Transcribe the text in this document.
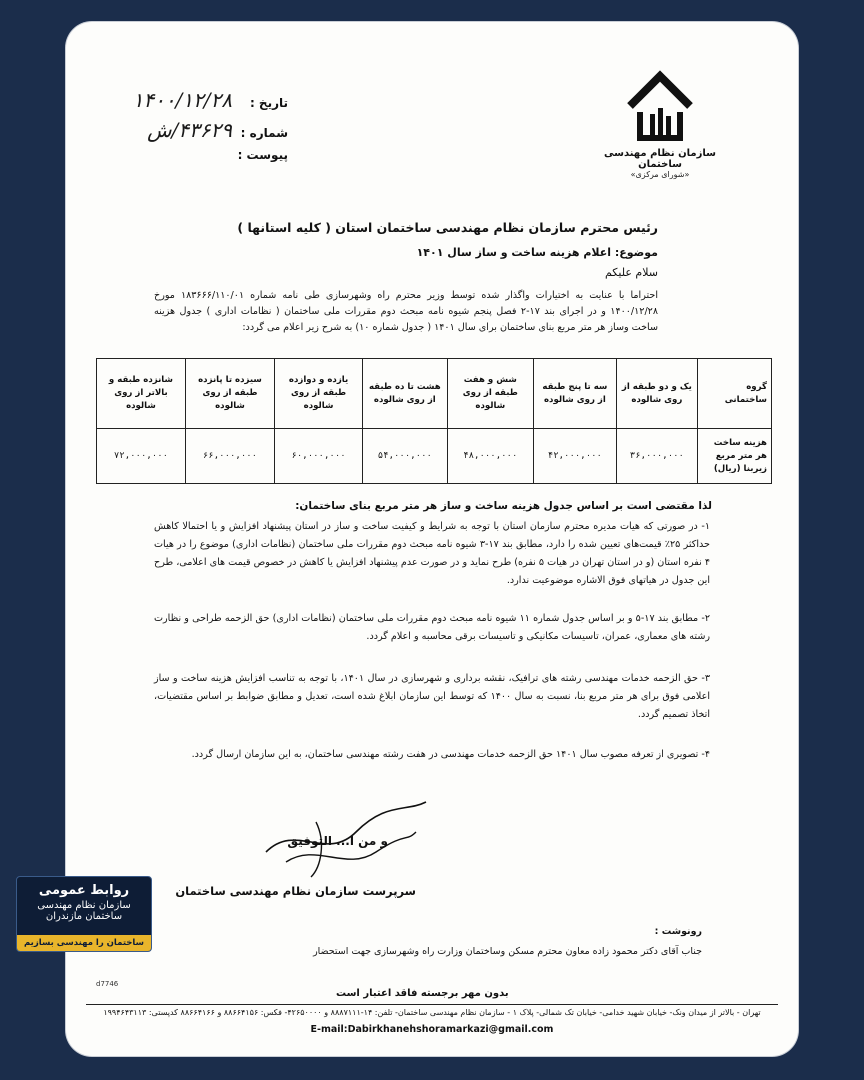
سازمان نظام مهندسی ساختمان
«شورای مرکزی»
تاریخ :
۱۴۰۰/۱۲/۲۸
شماره :
۴۳۶۲۹/ش
پیوست :
رئیس محترم سازمان نظام مهندسی ساختمان استان ( کلیه استانها )
موضوع: اعلام هزینه ساخت و ساز سال ۱۴۰۱
سلام علیکم
احتراما با عنایت به اختیارات واگذار شده توسط وزیر محترم راه وشهرسازی طی نامه شماره ۱۸۳۶۶۶/۱۱۰/۰۱ مورخ ۱۴۰۰/۱۲/۲۸ و در اجرای بند ۱۷-۲ فصل پنجم شیوه نامه مبحث دوم مقررات ملی ساختمان ( نظامات اداری ) جدول هزینه ساخت وساز هر متر مربع بنای ساختمان برای سال ۱۴۰۱ ( جدول شماره ۱۰) به شرح زیر اعلام می گردد:
گروه ساختمانی	یک و دو طبقه از روی شالوده	سه تا پنج طبقه از روی شالوده	شش و هفت طبقه از روی شالوده	هشت تا ده طبقه از روی شالوده	یازده و دوازده طبقه از روی شالوده	سیزده تا پانزده طبقه از روی شالوده	شانزده طبقه و بالاتر از روی شالوده
هزینه ساخت هر متر مربع زیربنا (ریال)	۳۶,۰۰۰,۰۰۰	۴۲,۰۰۰,۰۰۰	۴۸,۰۰۰,۰۰۰	۵۴,۰۰۰,۰۰۰	۶۰,۰۰۰,۰۰۰	۶۶,۰۰۰,۰۰۰	۷۲,۰۰۰,۰۰۰
لذا مقتضی است بر اساس جدول هزینه ساخت و ساز هر متر مربع بنای ساختمان:
۱- در صورتی که هیات مدیره محترم سازمان استان با توجه به شرایط و کیفیت ساخت و ساز در استان پیشنهاد افزایش و یا احتمالا کاهش حداکثر ۲۵٪ قیمت‌های تعیین شده را دارد، مطابق بند ۱۷-۳ شیوه نامه مبحث دوم مقررات ملی ساختمان (نظامات اداری) موضوع را در هیات ۴ نفره استان (و در استان تهران در هیات ۵ نفره) طرح نماید و در صورت عدم پیشنهاد افزایش یا کاهش در خصوص قیمت های اعلامی، طرح این جدول در هیاتهای فوق الاشاره موضوعیت ندارد.
۲- مطابق بند ۱۷-۵ و بر اساس جدول شماره ۱۱ شیوه نامه مبحث دوم مقررات ملی ساختمان (نظامات اداری) حق الزحمه طراحی و نظارت رشته های معماری، عمران، تاسیسات مکانیکی و تاسیسات برقی محاسبه و اعلام گردد.
۳- حق الزحمه خدمات مهندسی رشته های ترافیک، نقشه برداری و شهرسازی در سال ۱۴۰۱، با توجه به تناسب افزایش هزینه ساخت و ساز اعلامی فوق برای هر متر مربع بنا، نسبت به سال ۱۴۰۰ که توسط این سازمان ابلاغ شده است، تعدیل و مطابق ضوابط بر اساس مقتضیات، اتخاذ تصمیم گردد.
۴- تصویری از تعرفه مصوب سال ۱۴۰۱ حق الزحمه خدمات مهندسی در هفت رشته مهندسی ساختمان، به این سازمان ارسال گردد.
و من ا... التوفیق
سرپرست سازمان نظام مهندسی ساختمان
رونوشت :
جناب آقای دکتر محمود زاده معاون محترم مسکن وساختمان وزارت راه وشهرسازی جهت استحضار
d7746
بدون مهر برجسته فاقد اعتبار است
تهران - بالاتر از میدان ونک- خیابان شهید خدامی- خیابان تک شمالی- پلاک ۱ - سازمان نظام مهندسی ساختمان- تلفن: ۱۴-۸۸۸۷۱۱۱ و ۴۲۶۵۰۰۰۰- فکس: ۸۸۶۶۴۱۵۶ و ۸۸۶۶۴۱۶۶ کدپستی: ۱۹۹۴۶۴۳۱۱۳
E-mail:Dabirkhanehshoramarkazi@gmail.com
روابط عمومی
سازمان نظام مهندسی
ساختمان مازندران
ساختمان را مهندسی بسازیم
